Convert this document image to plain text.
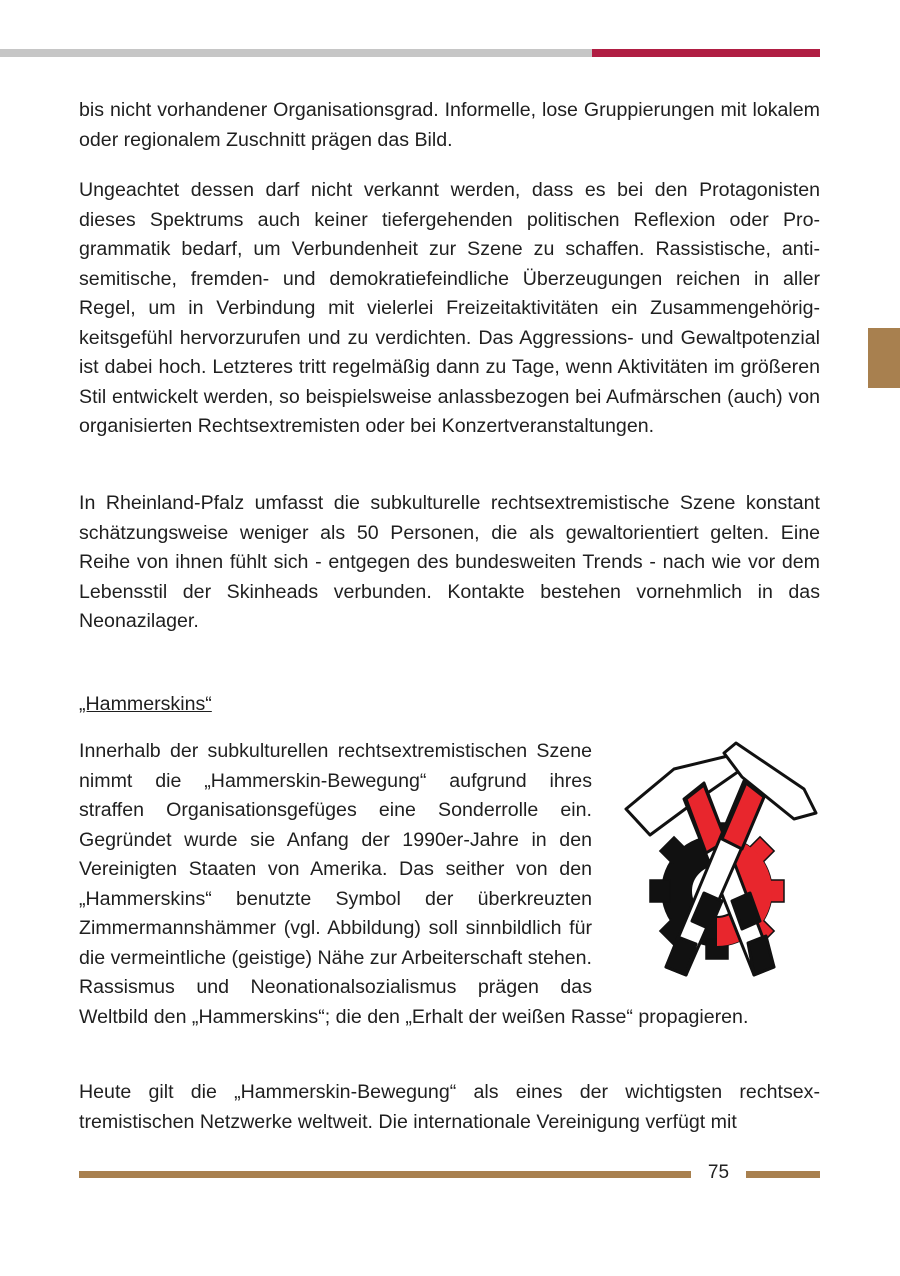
bis nicht vorhandener Organisationsgrad. Informelle, lose Gruppierungen mit lokalem oder regionalem Zuschnitt prägen das Bild.

Ungeachtet dessen darf nicht verkannt werden, dass es bei den Protagonisten dieses Spektrums auch keiner tiefergehenden politischen Reflexion oder Programmatik bedarf, um Verbundenheit zur Szene zu schaffen. Rassistische, antisemitische, fremden- und demokratiefeindliche Überzeugungen reichen in aller Regel, um in Verbindung mit vielerlei Freizeitaktivitäten ein Zusammengehörigkeitsgefühl hervorzurufen und zu verdichten. Das Aggressions- und Gewaltpotenzial ist dabei hoch. Letzteres tritt regelmäßig dann zu Tage, wenn Aktivitäten im größeren Stil entwickelt werden, so beispielsweise anlassbezogen bei Aufmärschen (auch) von organisierten Rechtsextremisten oder bei Konzertveranstaltungen.

In Rheinland-Pfalz umfasst die subkulturelle rechtsextremistische Szene konstant schätzungsweise weniger als 50 Personen, die als gewaltorientiert gelten. Eine Reihe von ihnen fühlt sich - entgegen des bundesweiten Trends - nach wie vor dem Lebensstil der Skinheads verbunden. Kontakte bestehen vornehmlich in das Neonazilager.

„Hammerskins“

Innerhalb der subkulturellen rechtsextremistischen Szene nimmt die „Hammerskin-Bewegung“ aufgrund ihres straffen Organisationsgefüges eine Sonderrolle ein. Gegründet wurde sie Anfang der 1990er-Jahre in den Vereinigten Staaten von Amerika. Das seither von den „Hammerskins“ benutzte Symbol der überkreuzten Zimmermannshämmer (vgl. Abbildung) soll sinnbildlich für die vermeintliche (geistige) Nähe zur Arbeiterschaft stehen. Rassismus und Neonationalsozialismus prägen das Weltbild den „Hammerskins“; die den „Erhalt der weißen Rasse“ propagieren.

Heute gilt die „Hammerskin-Bewegung“ als eines der wichtigsten rechtsextremistischen Netzwerke weltweit. Die internationale Vereinigung verfügt mit

75
